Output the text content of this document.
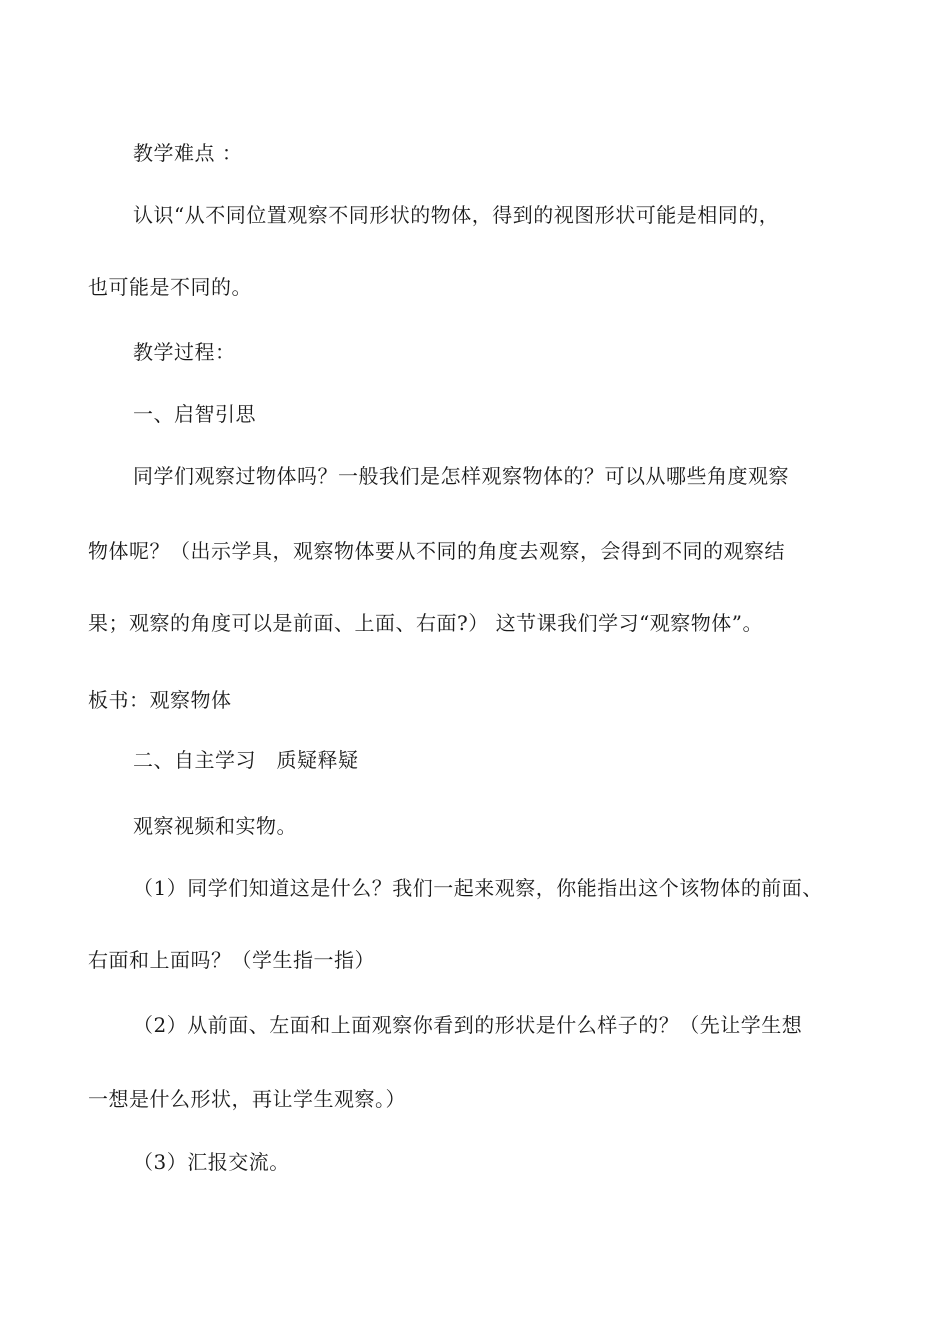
教学难点 ：
认识“从不同位置观察不同形状的物体，得到的视图形状可能是相同的，
也可能是不同的。
教学过程：
一、启智引思
同学们观察过物体吗？一般我们是怎样观察物体的？可以从哪些角度观察
物体呢？（出示学具，观察物体要从不同的角度去观察，会得到不同的观察结
果；观察的角度可以是前面、上面、右面?） 这节课我们学习“观察物体”。
板书：观察物体
二、自主学习　质疑释疑
观察视频和实物。
（1）同学们知道这是什么？我们一起来观察，你能指出这个该物体的前面、
右面和上面吗？（学生指一指）
（2）从前面、左面和上面观察你看到的形状是什么样子的？（先让学生想
一想是什么形状，再让学生观察。）
（3）汇报交流。
